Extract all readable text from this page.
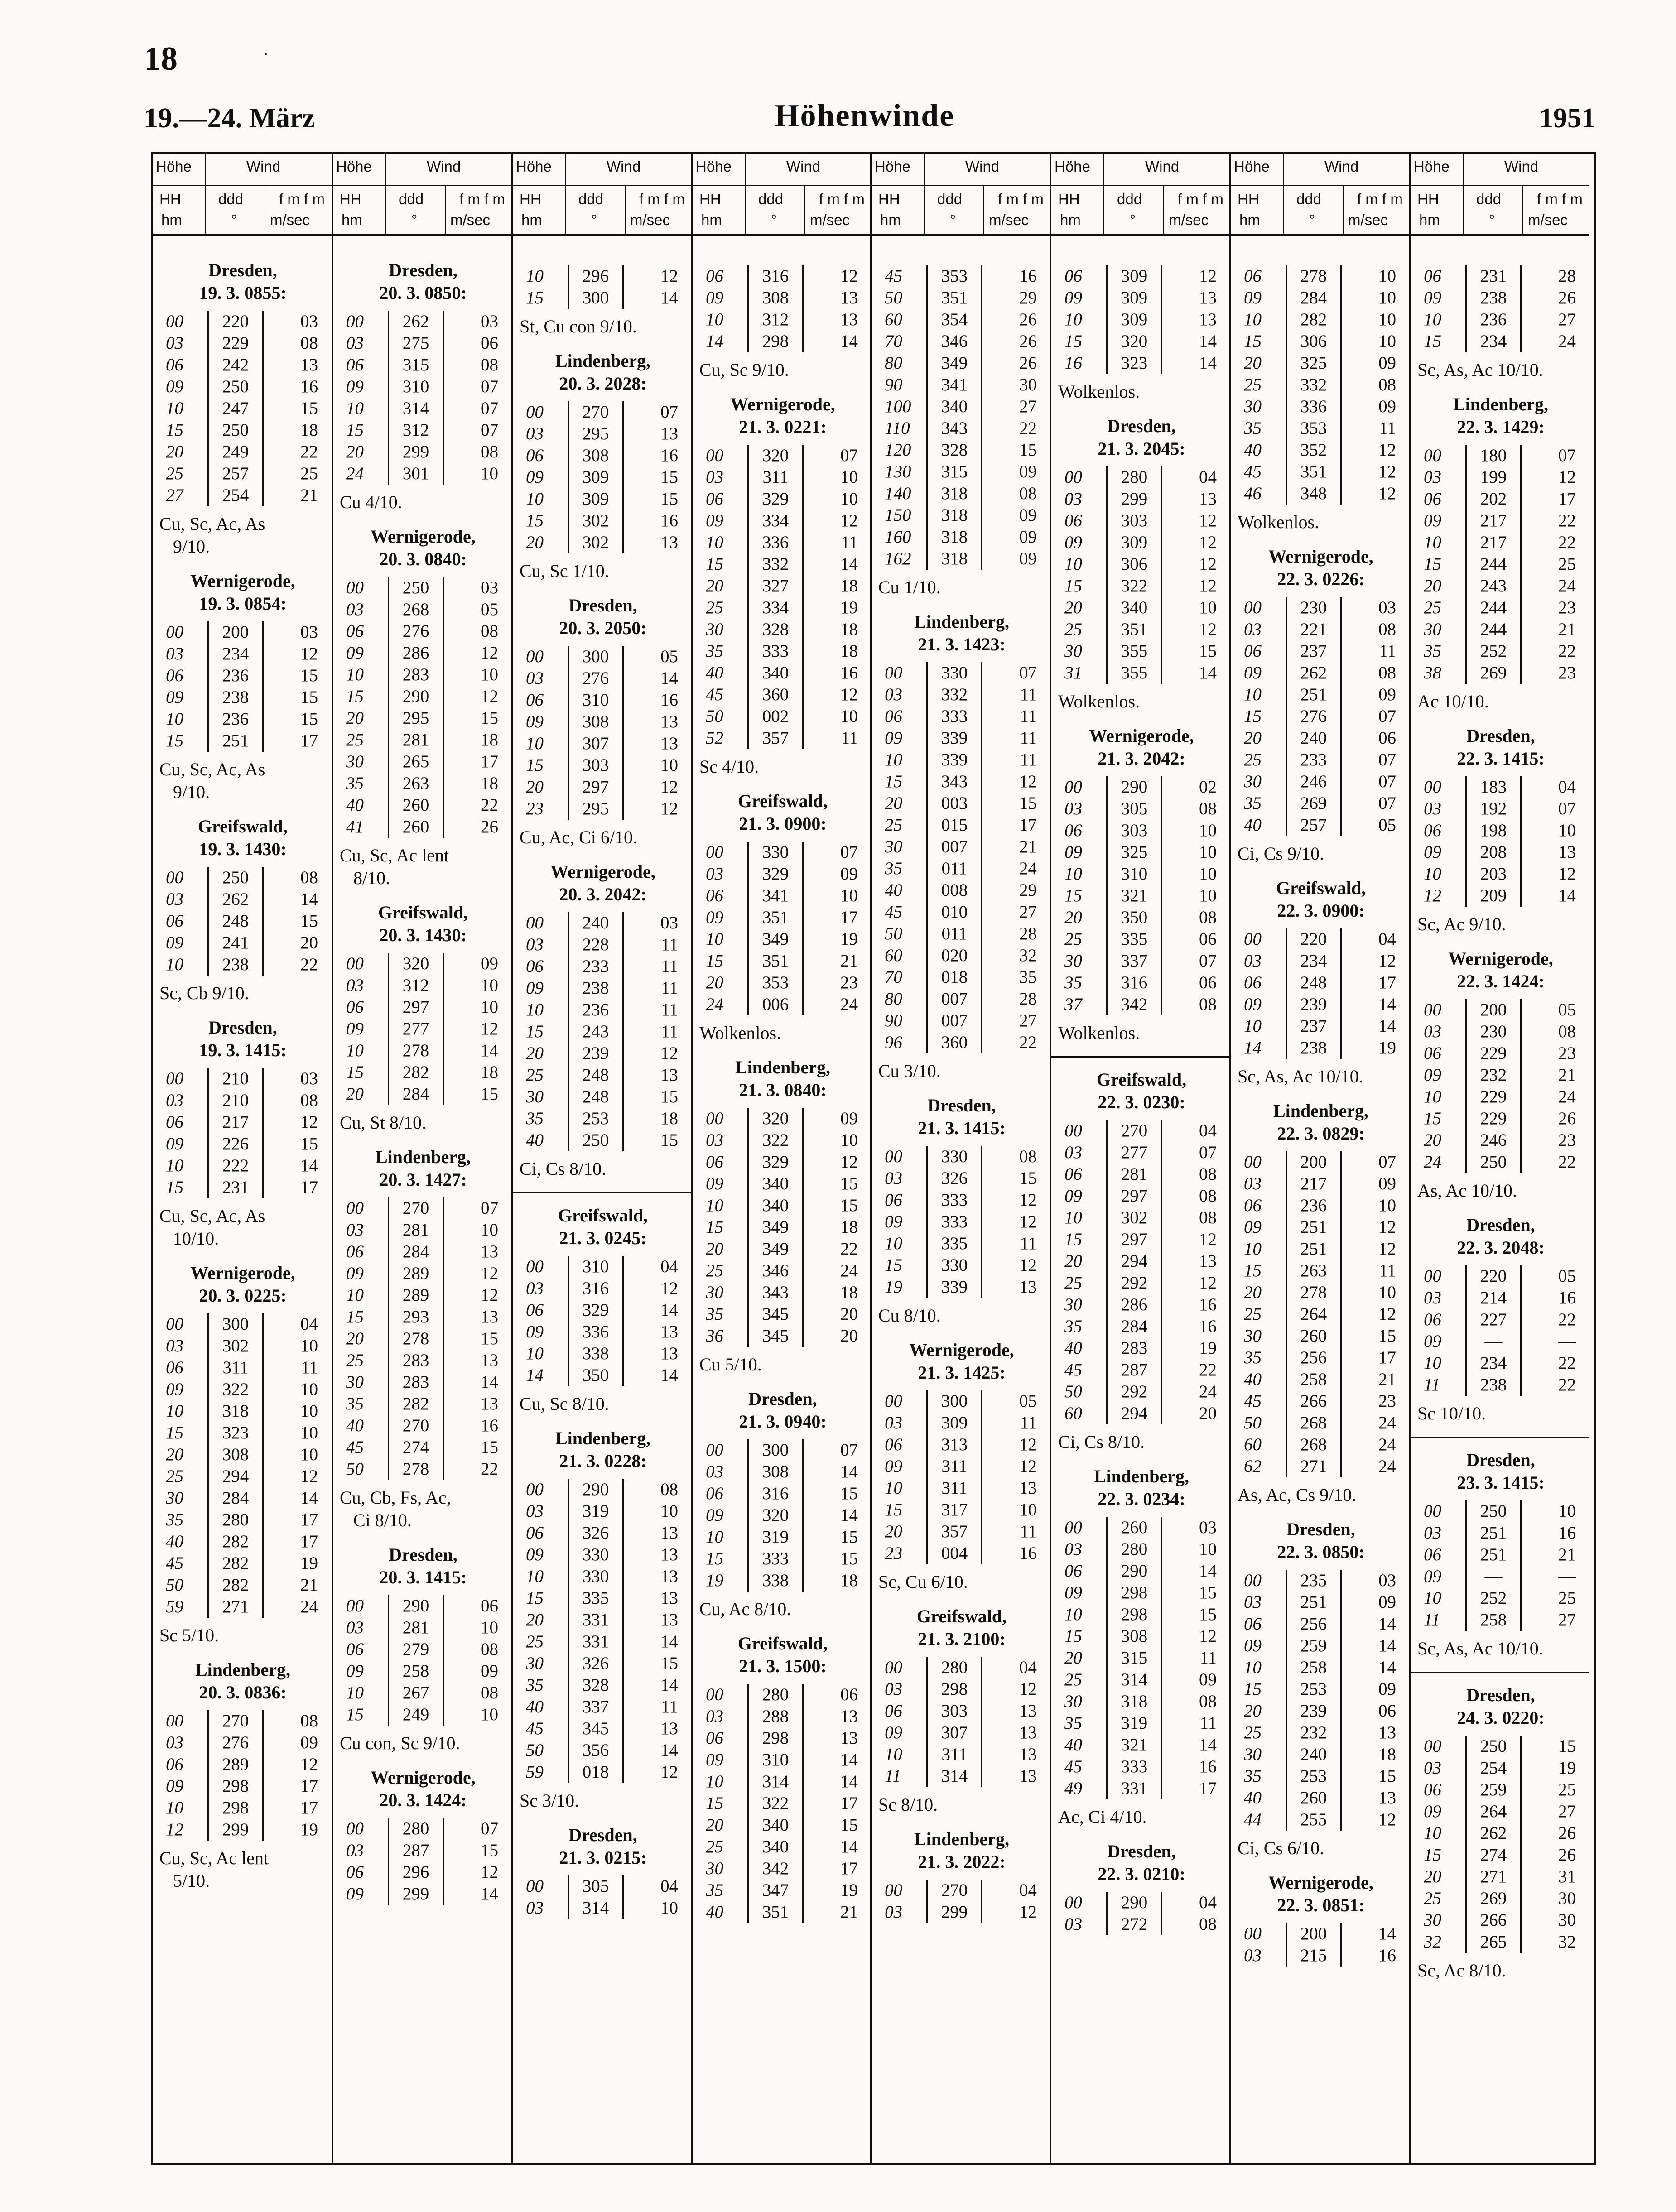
18	·
19.—24. März	Höhenwinde	1951
Höhe	Wind
HH
hm
ddd
°
f m f m
m/sec
Dresden,
19. 3. 0855:
00	220	03
03	229	08
06	242	13
09	250	16
10	247	15
15	250	18
20	249	22
25	257	25
27	254	21
Cu, Sc, Ac, As
9/10.
Wernigerode,
19. 3. 0854:
00	200	03
03	234	12
06	236	15
09	238	15
10	236	15
15	251	17
Cu, Sc, Ac, As
9/10.
Greifswald,
19. 3. 1430:
00	250	08
03	262	14
06	248	15
09	241	20
10	238	22
Sc, Cb 9/10.
Dresden,
19. 3. 1415:
00	210	03
03	210	08
06	217	12
09	226	15
10	222	14
15	231	17
Cu, Sc, Ac, As
10/10.
Wernigerode,
20. 3. 0225:
00	300	04
03	302	10
06	311	11
09	322	10
10	318	10
15	323	10
20	308	10
25	294	12
30	284	14
35	280	17
40	282	17
45	282	19
50	282	21
59	271	24
Sc 5/10.
Lindenberg,
20. 3. 0836:
00	270	08
03	276	09
06	289	12
09	298	17
10	298	17
12	299	19
Cu, Sc, Ac lent
5/10.
Höhe	Wind
HH
hm
ddd
°
f m f m
m/sec
Dresden,
20. 3. 0850:
00	262	03
03	275	06
06	315	08
09	310	07
10	314	07
15	312	07
20	299	08
24	301	10
Cu 4/10.
Wernigerode,
20. 3. 0840:
00	250	03
03	268	05
06	276	08
09	286	12
10	283	10
15	290	12
20	295	15
25	281	18
30	265	17
35	263	18
40	260	22
41	260	26
Cu, Sc, Ac lent
8/10.
Greifswald,
20. 3. 1430:
00	320	09
03	312	10
06	297	10
09	277	12
10	278	14
15	282	18
20	284	15
Cu, St 8/10.
Lindenberg,
20. 3. 1427:
00	270	07
03	281	10
06	284	13
09	289	12
10	289	12
15	293	13
20	278	15
25	283	13
30	283	14
35	282	13
40	270	16
45	274	15
50	278	22
Cu, Cb, Fs, Ac,
Ci 8/10.
Dresden,
20. 3. 1415:
00	290	06
03	281	10
06	279	08
09	258	09
10	267	08
15	249	10
Cu con, Sc 9/10.
Wernigerode,
20. 3. 1424:
00	280	07
03	287	15
06	296	12
09	299	14
Höhe	Wind
HH
hm
ddd
°
f m f m
m/sec
10	296	12
15	300	14
St, Cu con 9/10.
Lindenberg,
20. 3. 2028:
00	270	07
03	295	13
06	308	16
09	309	15
10	309	15
15	302	16
20	302	13
Cu, Sc 1/10.
Dresden,
20. 3. 2050:
00	300	05
03	276	14
06	310	16
09	308	13
10	307	13
15	303	10
20	297	12
23	295	12
Cu, Ac, Ci 6/10.
Wernigerode,
20. 3. 2042:
00	240	03
03	228	11
06	233	11
09	238	11
10	236	11
15	243	11
20	239	12
25	248	13
30	248	15
35	253	18
40	250	15
Ci, Cs 8/10.
Greifswald,
21. 3. 0245:
00	310	04
03	316	12
06	329	14
09	336	13
10	338	13
14	350	14
Cu, Sc 8/10.
Lindenberg,
21. 3. 0228:
00	290	08
03	319	10
06	326	13
09	330	13
10	330	13
15	335	13
20	331	13
25	331	14
30	326	15
35	328	14
40	337	11
45	345	13
50	356	14
59	018	12
Sc 3/10.
Dresden,
21. 3. 0215:
00	305	04
03	314	10
Höhe	Wind
HH
hm
ddd
°
f m f m
m/sec
06	316	12
09	308	13
10	312	13
14	298	14
Cu, Sc 9/10.
Wernigerode,
21. 3. 0221:
00	320	07
03	311	10
06	329	10
09	334	12
10	336	11
15	332	14
20	327	18
25	334	19
30	328	18
35	333	18
40	340	16
45	360	12
50	002	10
52	357	11
Sc 4/10.
Greifswald,
21. 3. 0900:
00	330	07
03	329	09
06	341	10
09	351	17
10	349	19
15	351	21
20	353	23
24	006	24
Wolkenlos.
Lindenberg,
21. 3. 0840:
00	320	09
03	322	10
06	329	12
09	340	15
10	340	15
15	349	18
20	349	22
25	346	24
30	343	18
35	345	20
36	345	20
Cu 5/10.
Dresden,
21. 3. 0940:
00	300	07
03	308	14
06	316	15
09	320	14
10	319	15
15	333	15
19	338	18
Cu, Ac 8/10.
Greifswald,
21. 3. 1500:
00	280	06
03	288	13
06	298	13
09	310	14
10	314	14
15	322	17
20	340	15
25	340	14
30	342	17
35	347	19
40	351	21
Höhe	Wind
HH
hm
ddd
°
f m f m
m/sec
45	353	16
50	351	29
60	354	26
70	346	26
80	349	26
90	341	30
100	340	27
110	343	22
120	328	15
130	315	09
140	318	08
150	318	09
160	318	09
162	318	09
Cu 1/10.
Lindenberg,
21. 3. 1423:
00	330	07
03	332	11
06	333	11
09	339	11
10	339	11
15	343	12
20	003	15
25	015	17
30	007	21
35	011	24
40	008	29
45	010	27
50	011	28
60	020	32
70	018	35
80	007	28
90	007	27
96	360	22
Cu 3/10.
Dresden,
21. 3. 1415:
00	330	08
03	326	15
06	333	12
09	333	12
10	335	11
15	330	12
19	339	13
Cu 8/10.
Wernigerode,
21. 3. 1425:
00	300	05
03	309	11
06	313	12
09	311	12
10	311	13
15	317	10
20	357	11
23	004	16
Sc, Cu 6/10.
Greifswald,
21. 3. 2100:
00	280	04
03	298	12
06	303	13
09	307	13
10	311	13
11	314	13
Sc 8/10.
Lindenberg,
21. 3. 2022:
00	270	04
03	299	12
Höhe	Wind
HH
hm
ddd
°
f m f m
m/sec
06	309	12
09	309	13
10	309	13
15	320	14
16	323	14
Wolkenlos.
Dresden,
21. 3. 2045:
00	280	04
03	299	13
06	303	12
09	309	12
10	306	12
15	322	12
20	340	10
25	351	12
30	355	15
31	355	14
Wolkenlos.
Wernigerode,
21. 3. 2042:
00	290	02
03	305	08
06	303	10
09	325	10
10	310	10
15	321	10
20	350	08
25	335	06
30	337	07
35	316	06
37	342	08
Wolkenlos.
Greifswald,
22. 3. 0230:
00	270	04
03	277	07
06	281	08
09	297	08
10	302	08
15	297	12
20	294	13
25	292	12
30	286	16
35	284	16
40	283	19
45	287	22
50	292	24
60	294	20
Ci, Cs 8/10.
Lindenberg,
22. 3. 0234:
00	260	03
03	280	10
06	290	14
09	298	15
10	298	15
15	308	12
20	315	11
25	314	09
30	318	08
35	319	11
40	321	14
45	333	16
49	331	17
Ac, Ci 4/10.
Dresden,
22. 3. 0210:
00	290	04
03	272	08
Höhe	Wind
HH
hm
ddd
°
f m f m
m/sec
06	278	10
09	284	10
10	282	10
15	306	10
20	325	09
25	332	08
30	336	09
35	353	11
40	352	12
45	351	12
46	348	12
Wolkenlos.
Wernigerode,
22. 3. 0226:
00	230	03
03	221	08
06	237	11
09	262	08
10	251	09
15	276	07
20	240	06
25	233	07
30	246	07
35	269	07
40	257	05
Ci, Cs 9/10.
Greifswald,
22. 3. 0900:
00	220	04
03	234	12
06	248	17
09	239	14
10	237	14
14	238	19
Sc, As, Ac 10/10.
Lindenberg,
22. 3. 0829:
00	200	07
03	217	09
06	236	10
09	251	12
10	251	12
15	263	11
20	278	10
25	264	12
30	260	15
35	256	17
40	258	21
45	266	23
50	268	24
60	268	24
62	271	24
As, Ac, Cs 9/10.
Dresden,
22. 3. 0850:
00	235	03
03	251	09
06	256	14
09	259	14
10	258	14
15	253	09
20	239	06
25	232	13
30	240	18
35	253	15
40	260	13
44	255	12
Ci, Cs 6/10.
Wernigerode,
22. 3. 0851:
00	200	14
03	215	16
Höhe	Wind
HH
hm
ddd
°
f m f m
m/sec
06	231	28
09	238	26
10	236	27
15	234	24
Sc, As, Ac 10/10.
Lindenberg,
22. 3. 1429:
00	180	07
03	199	12
06	202	17
09	217	22
10	217	22
15	244	25
20	243	24
25	244	23
30	244	21
35	252	22
38	269	23
Ac 10/10.
Dresden,
22. 3. 1415:
00	183	04
03	192	07
06	198	10
09	208	13
10	203	12
12	209	14
Sc, Ac 9/10.
Wernigerode,
22. 3. 1424:
00	200	05
03	230	08
06	229	23
09	232	21
10	229	24
15	229	26
20	246	23
24	250	22
As, Ac 10/10.
Dresden,
22. 3. 2048:
00	220	05
03	214	16
06	227	22
09	—	—
10	234	22
11	238	22
Sc 10/10.
Dresden,
23. 3. 1415:
00	250	10
03	251	16
06	251	21
09	—	—
10	252	25
11	258	27
Sc, As, Ac 10/10.
Dresden,
24. 3. 0220:
00	250	15
03	254	19
06	259	25
09	264	27
10	262	26
15	274	26
20	271	31
25	269	30
30	266	30
32	265	32
Sc, Ac 8/10.
